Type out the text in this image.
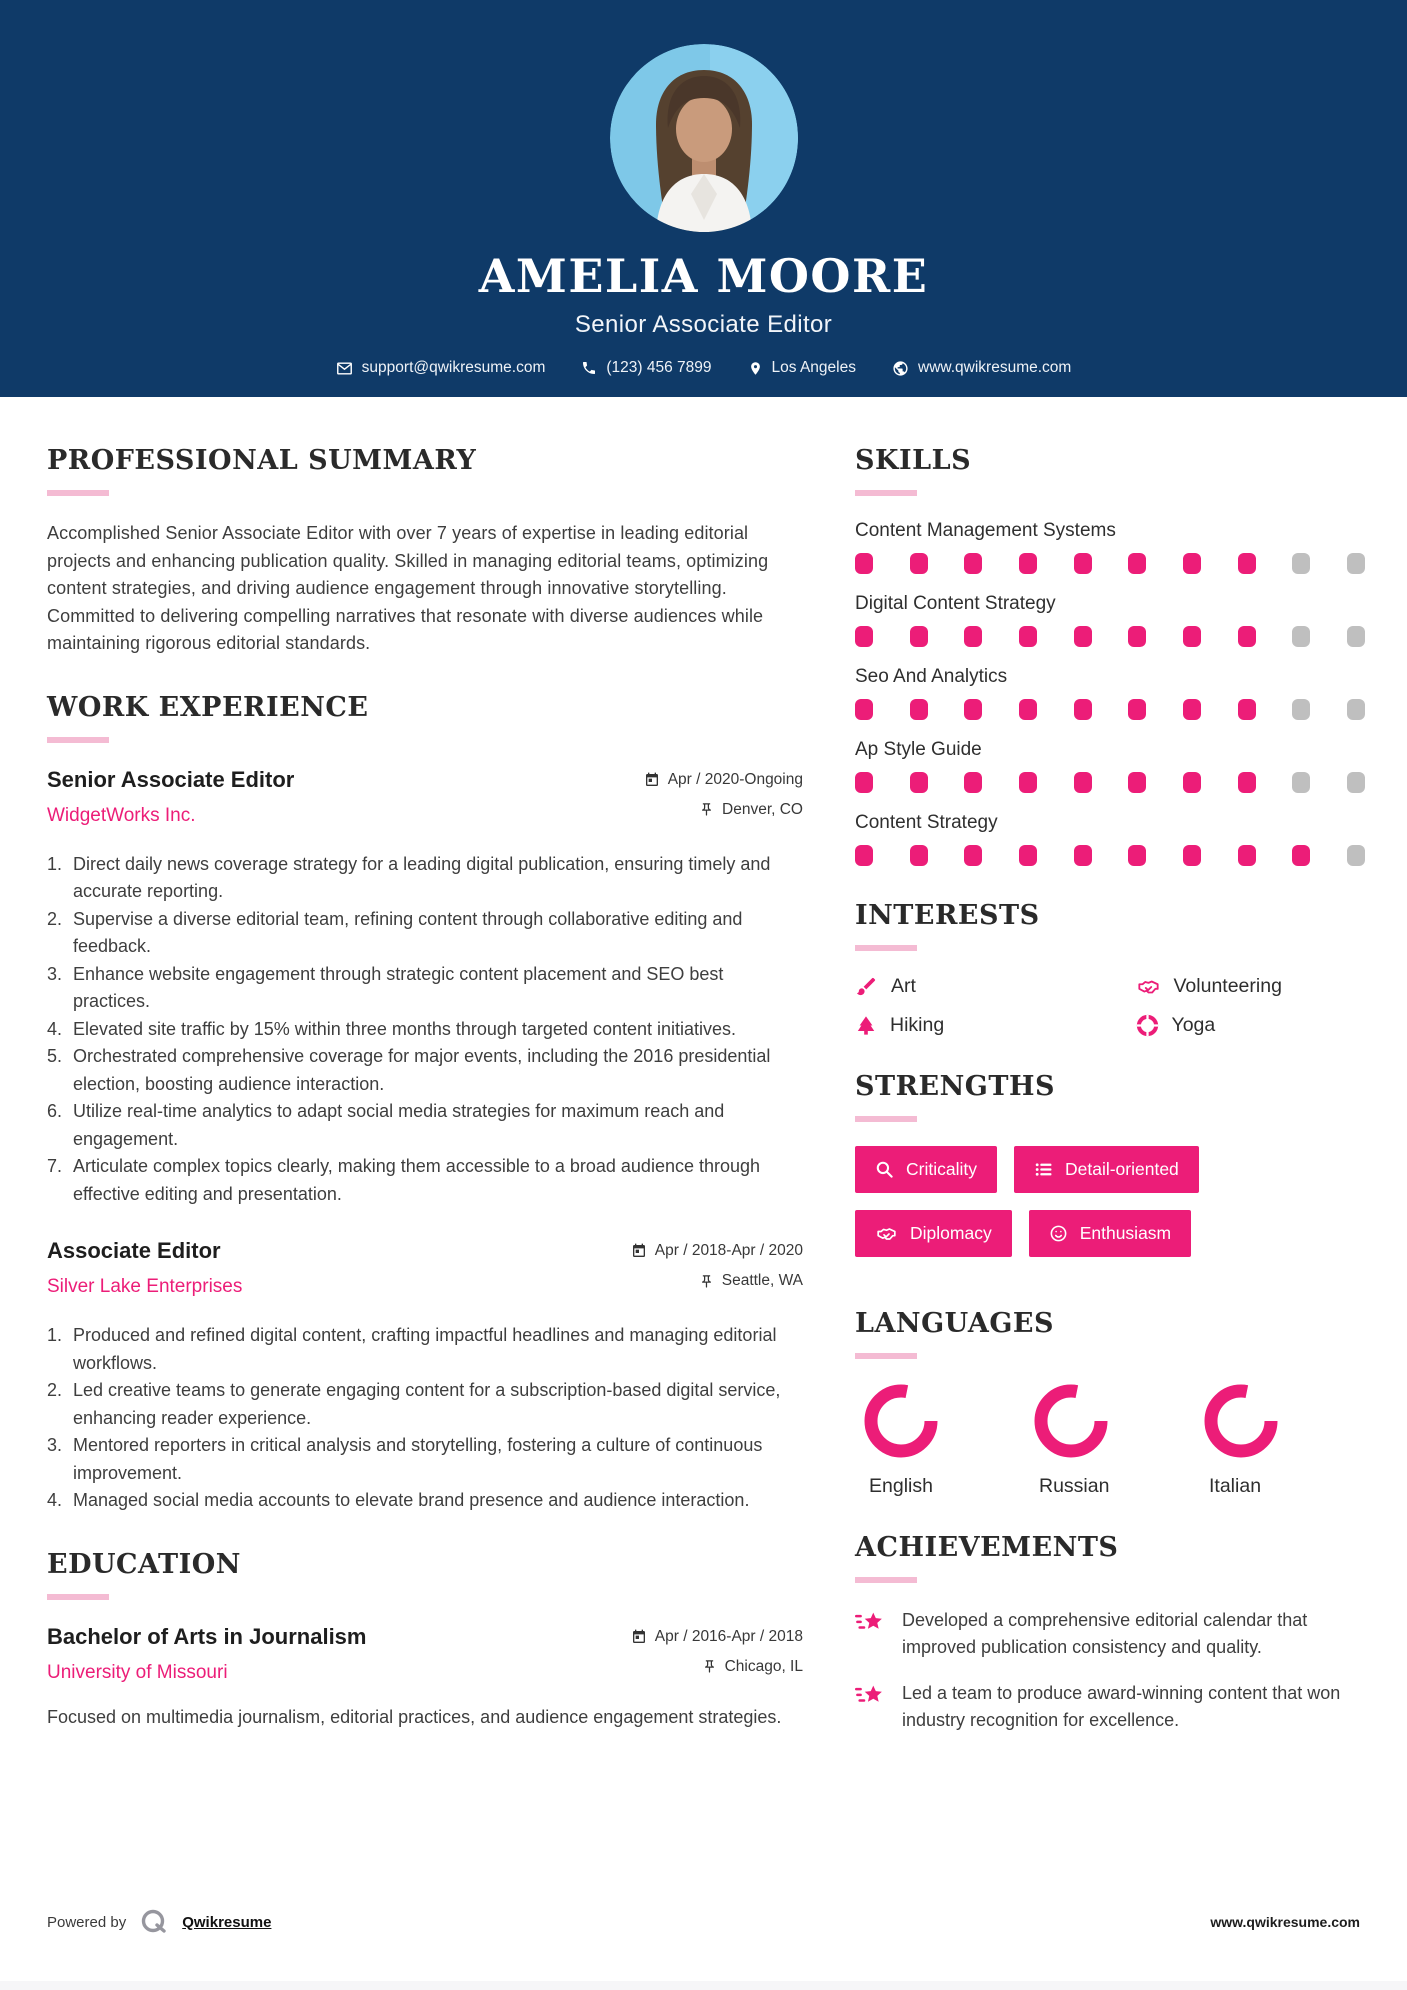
AMELIA MOORE
Senior Associate Editor
support@qwikresume.com	(123) 456 7899	Los Angeles	www.qwikresume.com
PROFESSIONAL SUMMARY

Accomplished Senior Associate Editor with over 7 years of expertise in leading editorial projects and enhancing publication quality. Skilled in managing editorial teams, optimizing content strategies, and driving audience engagement through innovative storytelling. Committed to delivering compelling narratives that resonate with diverse audiences while maintaining rigorous editorial standards.

WORK EXPERIENCE
Senior Associate Editor
WidgetWorks Inc.
Apr / 2020-Ongoing
Denver, CO
Direct daily news coverage strategy for a leading digital publication, ensuring timely and accurate reporting.
Supervise a diverse editorial team, refining content through collaborative editing and feedback.
Enhance website engagement through strategic content placement and SEO best practices.
Elevated site traffic by 15% within three months through targeted content initiatives.
Orchestrated comprehensive coverage for major events, including the 2016 presidential election, boosting audience interaction.
Utilize real-time analytics to adapt social media strategies for maximum reach and engagement.
Articulate complex topics clearly, making them accessible to a broad audience through effective editing and presentation.
Associate Editor
Silver Lake Enterprises
Apr / 2018-Apr / 2020
Seattle, WA
Produced and refined digital content, crafting impactful headlines and managing editorial workflows.
Led creative teams to generate engaging content for a subscription-based digital service, enhancing reader experience.
Mentored reporters in critical analysis and storytelling, fostering a culture of continuous improvement.
Managed social media accounts to elevate brand presence and audience interaction.
EDUCATION
Bachelor of Arts in Journalism
University of Missouri
Apr / 2016-Apr / 2018
Chicago, IL

Focused on multimedia journalism, editorial practices, and audience engagement strategies.

SKILLS
Content Management Systems
Digital Content Strategy
Seo And Analytics
Ap Style Guide
Content Strategy
INTERESTS
Art	Volunteering
Hiking	Yoga
STRENGTHS
Criticality	Detail-oriented
Diplomacy	Enthusiasm
LANGUAGES
English	Russian	Italian
ACHIEVEMENTS
Developed a comprehensive editorial calendar that improved publication consistency and quality.
Led a team to produce award-winning content that won industry recognition for excellence.
Powered by	Qwikresume	www.qwikresume.com
